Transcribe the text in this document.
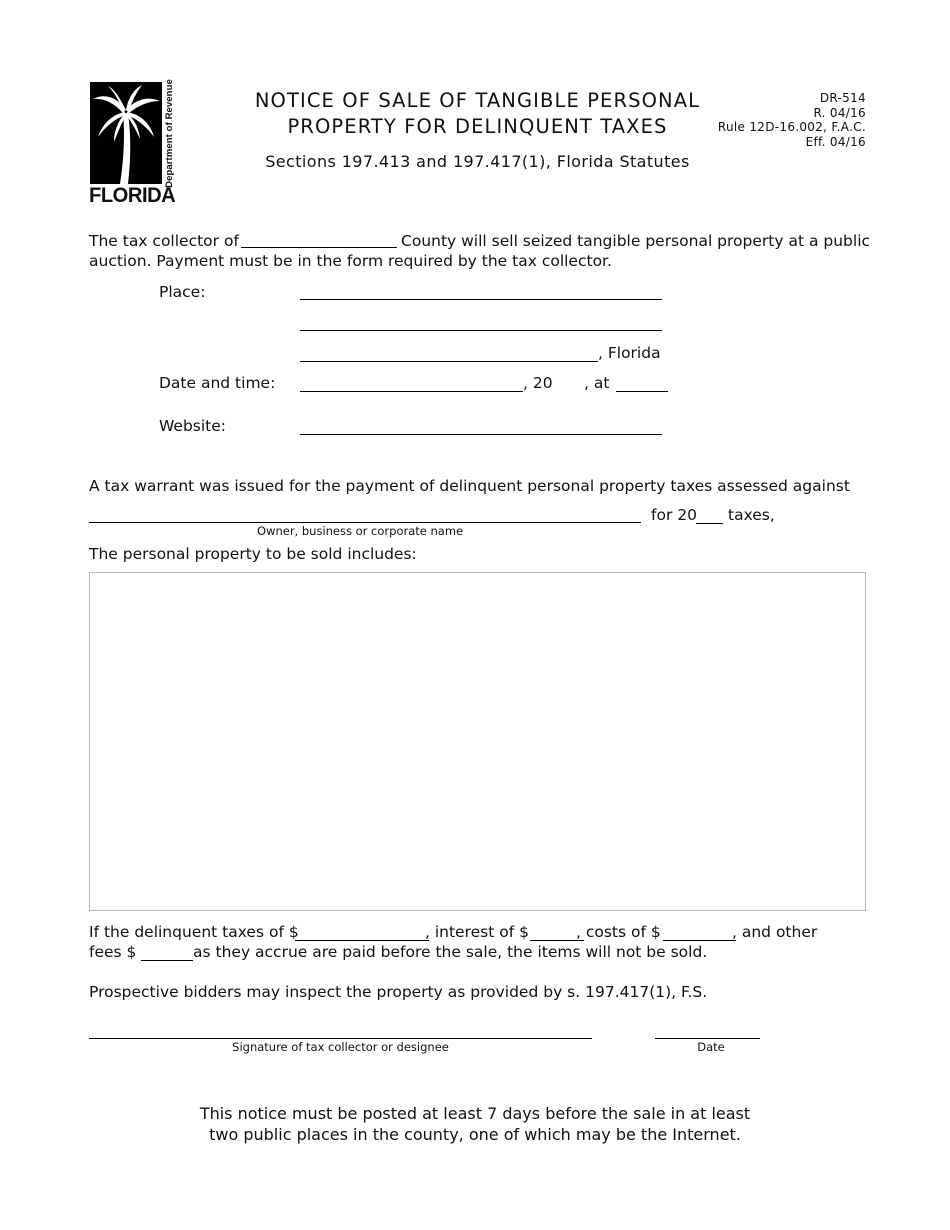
Department of Revenue
FLORIDA
NOTICE OF SALE OF TANGIBLE PERSONAL
PROPERTY FOR DELINQUENT TAXES
Sections 197.413 and 197.417(1), Florida Statutes
DR-514
R. 04/16
Rule 12D-16.002, F.A.C.
Eff. 04/16
The tax collector of	County will sell seized tangible personal property at a public
auction. Payment must be in the form required by the tax collector.
Place:
, Florida
Date and time:	, 20 , at
Website:
A tax warrant was issued for the payment of delinquent personal property taxes assessed against
Owner, business or corporate name
for 20 taxes,
The personal property to be sold includes:
If the delinquent taxes of $	, interest of $	, costs of $	, and other
fees $	as they accrue are paid before the sale, the items will not be sold.
Prospective bidders may inspect the property as provided by s. 197.417(1), F.S.
Signature of tax collector or designee	Date
This notice must be posted at least 7 days before the sale in at least
two public places in the county, one of which may be the Internet.
